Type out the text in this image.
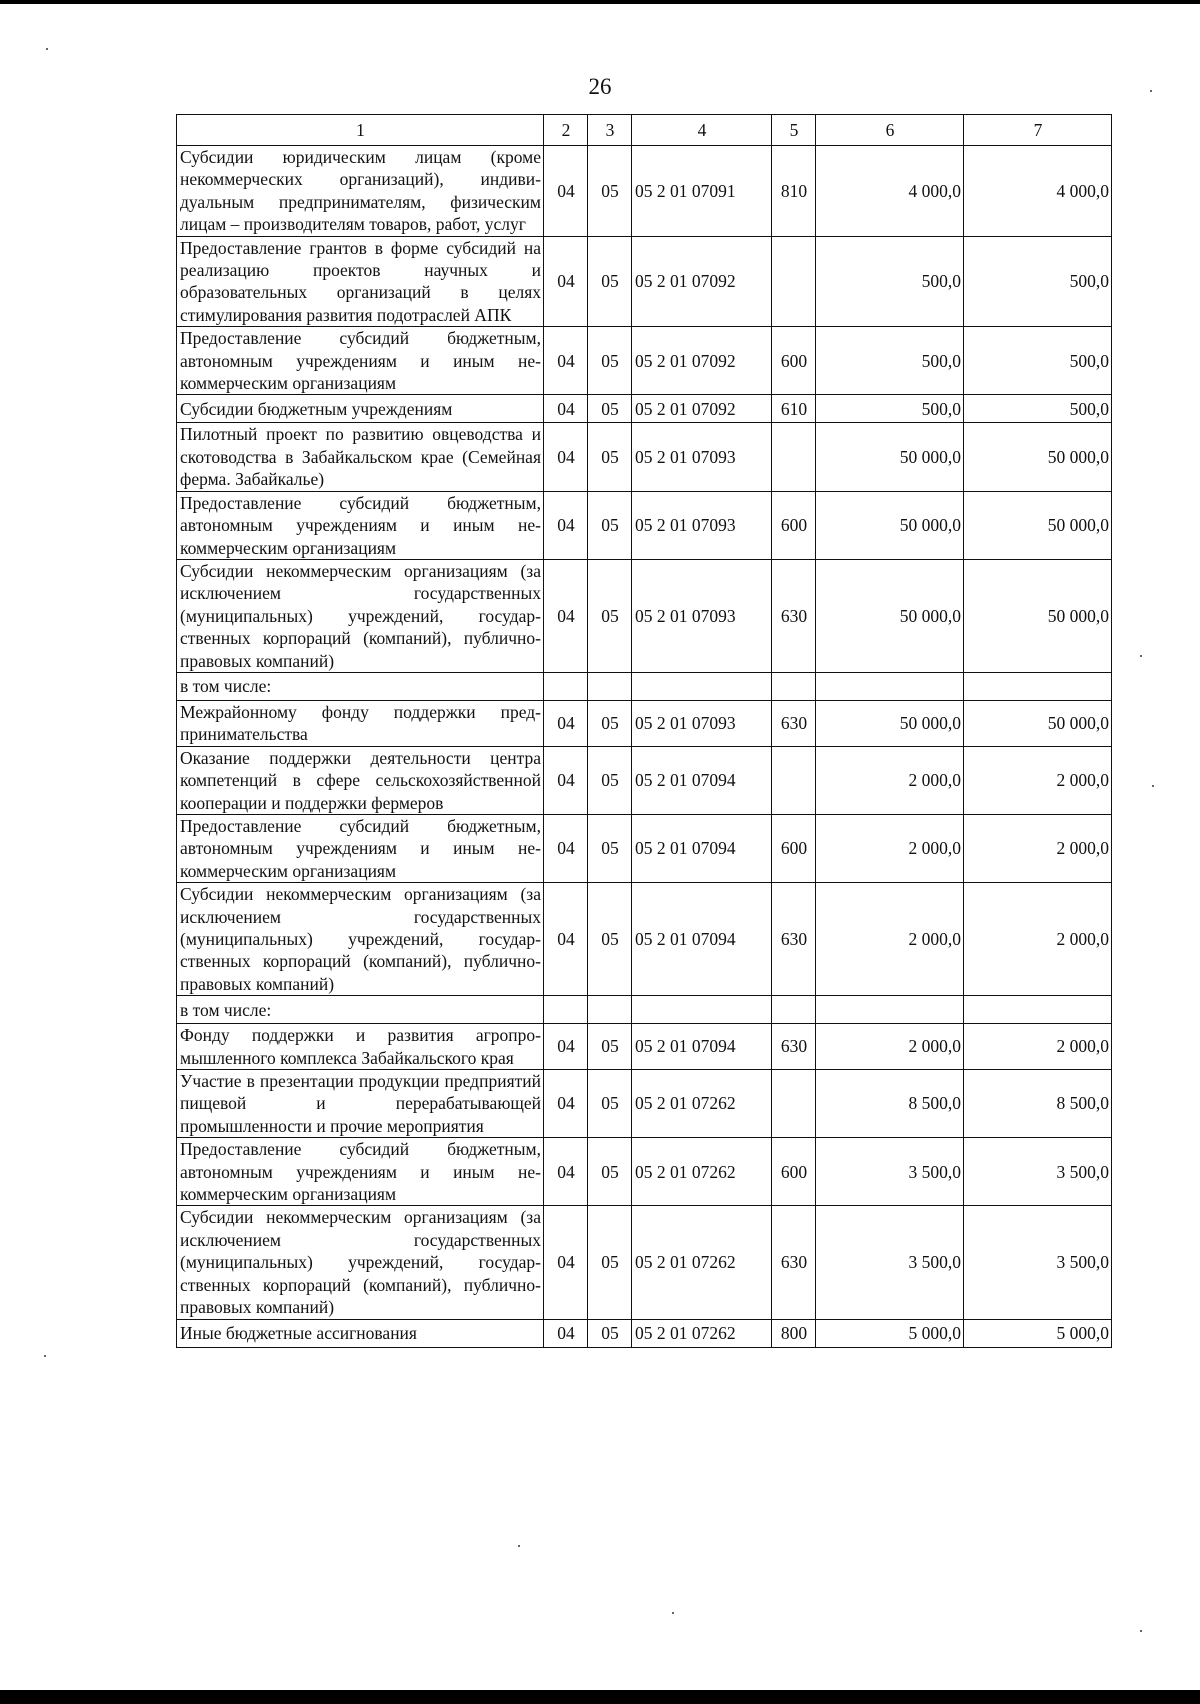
26
1	2	3	4	5	6	7
Субсидии юридическим лицам (кроме некоммерческих организаций), индивидуальным предпринимателям, физическим лицам – производителям товаров, работ, услуг	04	05	05 2 01 07091	810	4 000,0	4 000,0
Предоставление грантов в форме субсидий на реализацию проектов научных и образовательных организаций в целях стимулирования развития подотраслей АПК	04	05	05 2 01 07092		500,0	500,0
Предоставление субсидий бюджетным, автономным учреждениям и иным некоммерческим организациям	04	05	05 2 01 07092	600	500,0	500,0
Субсидии бюджетным учреждениям	04	05	05 2 01 07092	610	500,0	500,0
Пилотный проект по развитию овцеводства и скотоводства в Забайкальском крае (Семейная ферма. Забайкалье)	04	05	05 2 01 07093		50 000,0	50 000,0
Предоставление субсидий бюджетным, автономным учреждениям и иным некоммерческим организациям	04	05	05 2 01 07093	600	50 000,0	50 000,0
Субсидии некоммерческим организациям (за исключением государственных (муниципальных) учреждений, государственных корпораций (компаний), публично-правовых компаний)	04	05	05 2 01 07093	630	50 000,0	50 000,0
в том числе:						
Межрайонному фонду поддержки предпринимательства	04	05	05 2 01 07093	630	50 000,0	50 000,0
Оказание поддержки деятельности центра компетенций в сфере сельскохозяйственной кооперации и поддержки фермеров	04	05	05 2 01 07094		2 000,0	2 000,0
Предоставление субсидий бюджетным, автономным учреждениям и иным некоммерческим организациям	04	05	05 2 01 07094	600	2 000,0	2 000,0
Субсидии некоммерческим организациям (за исключением государственных (муниципальных) учреждений, государственных корпораций (компаний), публично-правовых компаний)	04	05	05 2 01 07094	630	2 000,0	2 000,0
в том числе:						
Фонду поддержки и развития агропромышленного комплекса Забайкальского края	04	05	05 2 01 07094	630	2 000,0	2 000,0
Участие в презентации продукции предприятий пищевой и перерабатывающей промышленности и прочие мероприятия	04	05	05 2 01 07262		8 500,0	8 500,0
Предоставление субсидий бюджетным, автономным учреждениям и иным некоммерческим организациям	04	05	05 2 01 07262	600	3 500,0	3 500,0
Субсидии некоммерческим организациям (за исключением государственных (муниципальных) учреждений, государственных корпораций (компаний), публично-правовых компаний)	04	05	05 2 01 07262	630	3 500,0	3 500,0
Иные бюджетные ассигнования	04	05	05 2 01 07262	800	5 000,0	5 000,0
